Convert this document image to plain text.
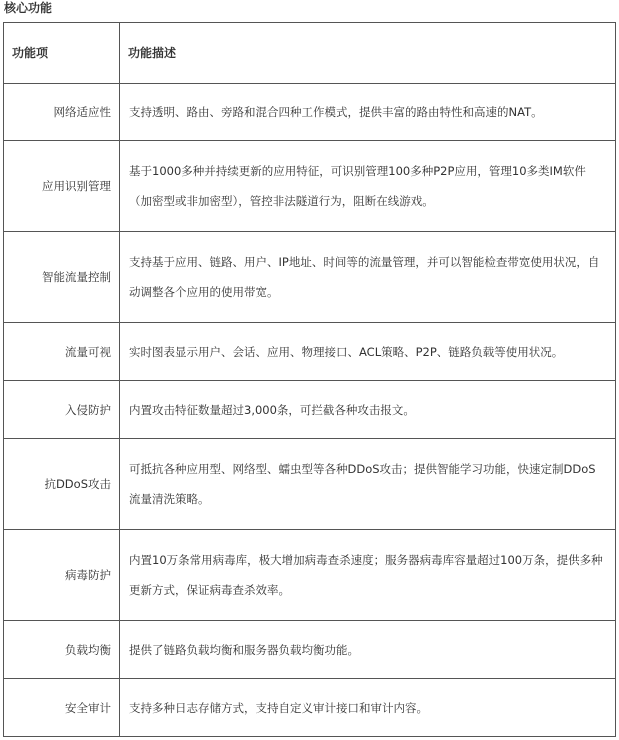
核心功能
功能项	功能描述
网络适应性	支持透明、路由、旁路和混合四种工作模式，提供丰富的路由特性和高速的NAT。
应用识别管理	基于1000多种并持续更新的应用特征，可识别管理100多种P2P应用，管理10多类IM软件（加密型或非加密型），管控非法隧道行为，阻断在线游戏。
智能流量控制	支持基于应用、链路、用户、IP地址、时间等的流量管理，并可以智能检查带宽使用状况，自动调整各个应用的使用带宽。
流量可视	实时图表显示用户、会话、应用、物理接口、ACL策略、P2P、链路负载等使用状况。
入侵防护	内置攻击特征数量超过3,000条，可拦截各种攻击报文。
抗DDoS攻击	可抵抗各种应用型、网络型、蠕虫型等各种DDoS攻击；提供智能学习功能，快速定制DDoS流量清洗策略。
病毒防护	内置10万条常用病毒库，极大增加病毒查杀速度；服务器病毒库容量超过100万条，提供多种更新方式，保证病毒查杀效率。
负载均衡	提供了链路负载均衡和服务器负载均衡功能。
安全审计	支持多种日志存储方式，支持自定义审计接口和审计内容。
